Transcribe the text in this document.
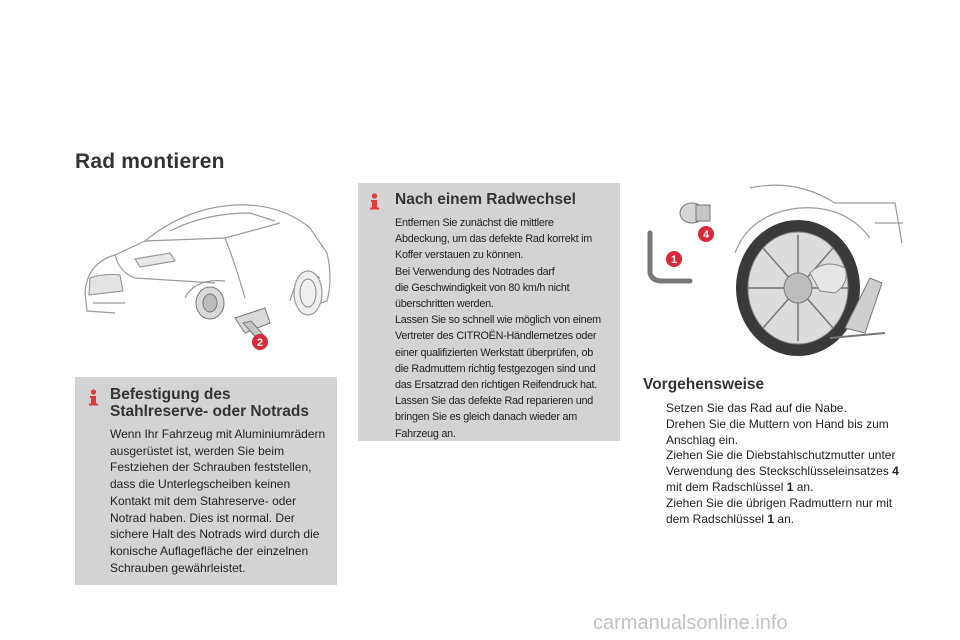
Rad montieren
2
4
1
Befestigung des
Stahlreserve- oder Notrads

Wenn Ihr Fahrzeug mit Aluminiumrädern
ausgerüstet ist, werden Sie beim
Festziehen der Schrauben feststellen,
dass die Unterlegscheiben keinen
Kontakt mit dem Stahreserve- oder
Notrad haben. Dies ist normal. Der
sichere Halt des Notrads wird durch die
konische Auflagefläche der einzelnen
Schrauben gewährleistet.

Nach einem Radwechsel

Entfernen Sie zunächst die mittlere
Abdeckung, um das defekte Rad korrekt im
Koffer verstauen zu können.
Bei Verwendung des Notrades darf
die Geschwindigkeit von 80 km/h nicht
überschritten werden.
Lassen Sie so schnell wie möglich von einem
Vertreter des CITROËN-Händlernetzes oder
einer qualifizierten Werkstatt überprüfen, ob
die Radmuttern richtig festgezogen sind und
das Ersatzrad den richtigen Reifendruck hat.
Lassen Sie das defekte Rad reparieren und
bringen Sie es gleich danach wieder am
Fahrzeug an.

Vorgehensweise
Setzen Sie das Rad auf die Nabe.
Drehen Sie die Muttern von Hand bis zum Anschlag ein.
Ziehen Sie die Diebstahlschutzmutter unter Verwendung des Steckschlüsseleinsatzes 4 mit dem Radschlüssel 1 an.
Ziehen Sie die übrigen Radmuttern nur mit dem Radschlüssel 1 an.
carmanualsonline.info
